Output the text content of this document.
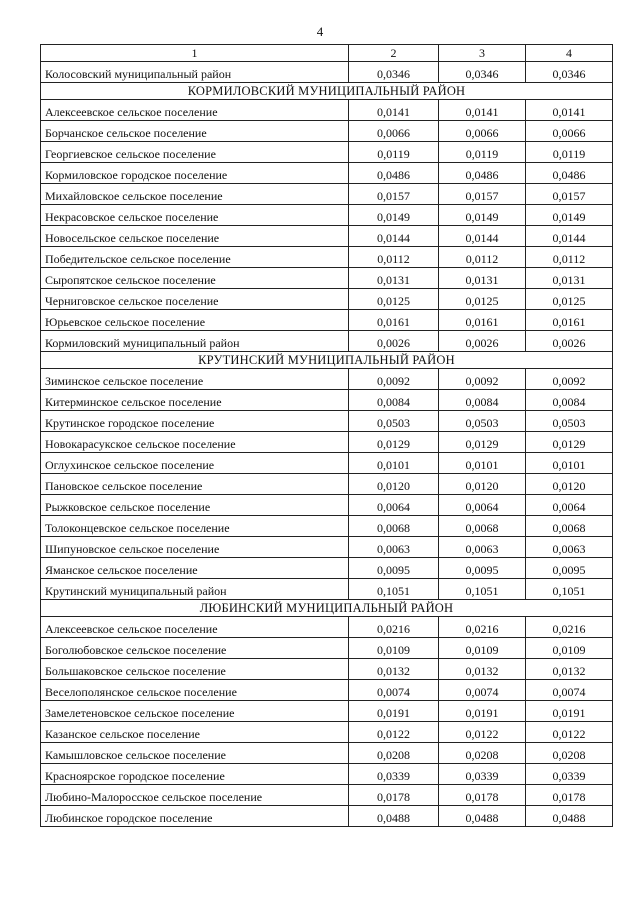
4
1	2	3	4
Колосовский муниципальный район	0,0346	0,0346	0,0346
КОРМИЛОВСКИЙ МУНИЦИПАЛЬНЫЙ РАЙОН			
Алексеевское сельское поселение	0,0141	0,0141	0,0141
Борчанское сельское поселение	0,0066	0,0066	0,0066
Георгиевское сельское поселение	0,0119	0,0119	0,0119
Кормиловское городское поселение	0,0486	0,0486	0,0486
Михайловское сельское поселение	0,0157	0,0157	0,0157
Некрасовское сельское поселение	0,0149	0,0149	0,0149
Новосельское сельское поселение	0,0144	0,0144	0,0144
Победительское сельское поселение	0,0112	0,0112	0,0112
Сыропятское сельское поселение	0,0131	0,0131	0,0131
Черниговское сельское поселение	0,0125	0,0125	0,0125
Юрьевское сельское поселение	0,0161	0,0161	0,0161
Кормиловский муниципальный район	0,0026	0,0026	0,0026
КРУТИНСКИЙ МУНИЦИПАЛЬНЫЙ РАЙОН			
Зиминское сельское поселение	0,0092	0,0092	0,0092
Китерминское сельское поселение	0,0084	0,0084	0,0084
Крутинское городское поселение	0,0503	0,0503	0,0503
Новокарасукское сельское поселение	0,0129	0,0129	0,0129
Оглухинское сельское поселение	0,0101	0,0101	0,0101
Пановское сельское поселение	0,0120	0,0120	0,0120
Рыжковское сельское поселение	0,0064	0,0064	0,0064
Толоконцевское сельское поселение	0,0068	0,0068	0,0068
Шипуновское сельское поселение	0,0063	0,0063	0,0063
Яманское сельское поселение	0,0095	0,0095	0,0095
Крутинский муниципальный район	0,1051	0,1051	0,1051
ЛЮБИНСКИЙ МУНИЦИПАЛЬНЫЙ РАЙОН			
Алексеевское сельское поселение	0,0216	0,0216	0,0216
Боголюбовское сельское поселение	0,0109	0,0109	0,0109
Большаковское сельское поселение	0,0132	0,0132	0,0132
Веселополянское сельское поселение	0,0074	0,0074	0,0074
Замелетеновское сельское поселение	0,0191	0,0191	0,0191
Казанское сельское поселение	0,0122	0,0122	0,0122
Камышловское сельское поселение	0,0208	0,0208	0,0208
Красноярское городское поселение	0,0339	0,0339	0,0339
Любино-Малоросское сельское поселение	0,0178	0,0178	0,0178
Любинское городское поселение	0,0488	0,0488	0,0488
